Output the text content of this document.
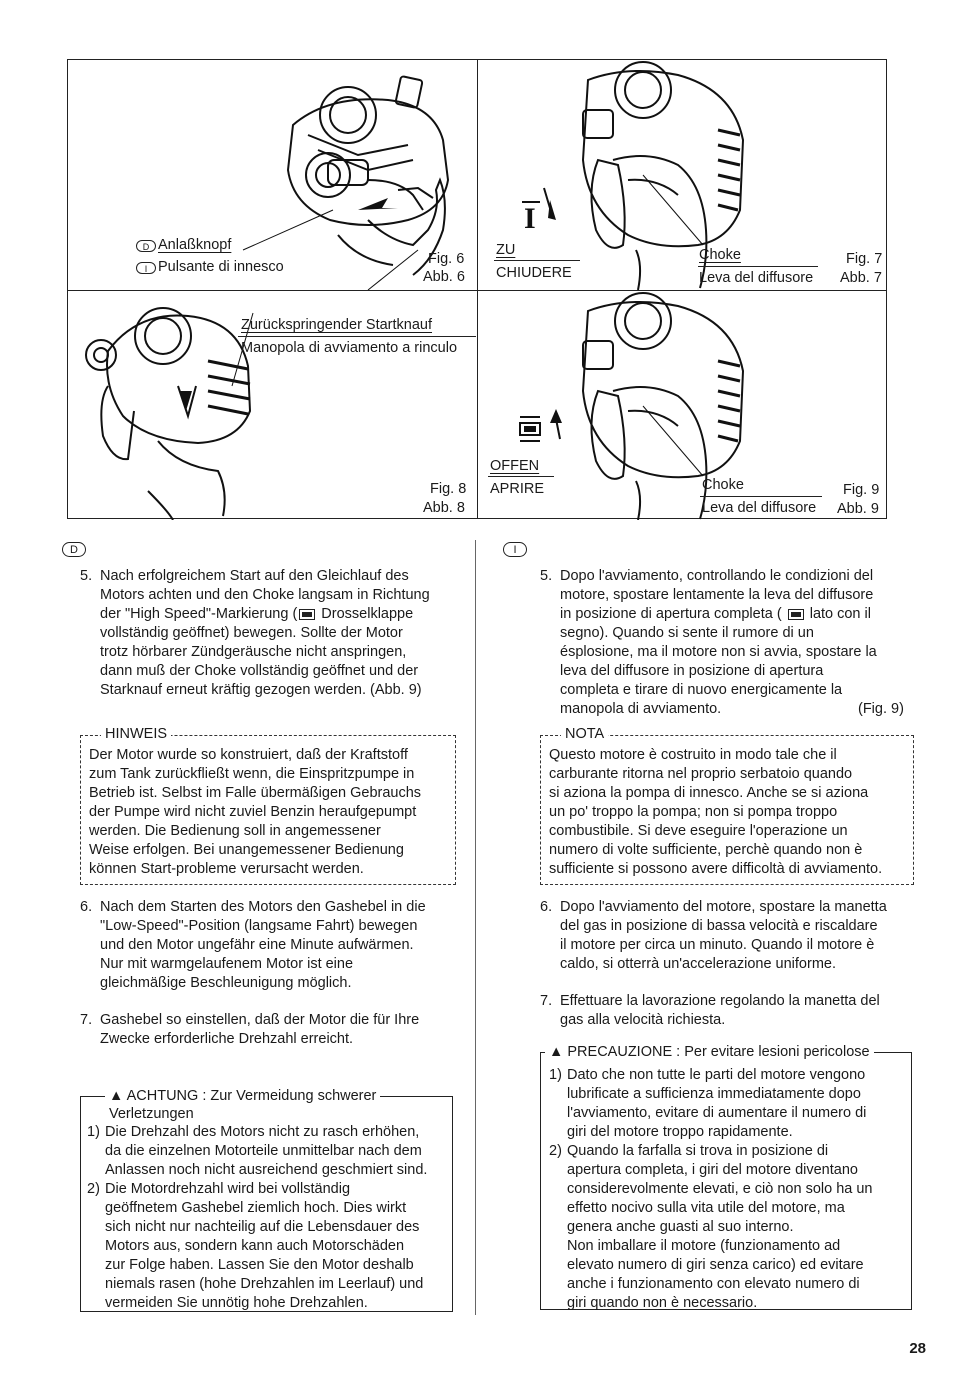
D Anlaßknopf
I Pulsante di innesco	Fig. 6
Abb. 6
I
ZU
CHIUDERE
Choke
Leva del diffusore
Fig. 7
Abb. 7
Zurückspringender Startknauf
Manopola di avviamento a rinculo
Fig. 8
Abb. 8
OFFEN
APRIRE	Choke
Leva del diffusore
Fig. 9
Abb. 9
D
5. Nach erfolgreichem Start auf den Gleichlauf des
Motors achten und den Choke langsam in Richtung
der "High Speed"-Markierung ( Drosselklappe
vollständig geöffnet) bewegen. Sollte der Motor
trotz hörbarer Zündgeräusche nicht anspringen,
dann muß der Choke vollständig geöffnet und der
Starknauf erneut kräftig gezogen werden. (Abb. 9)
HINWEIS
Der Motor wurde so konstruiert, daß der Kraftstoff
zum Tank zurückfließt wenn, die Einspritzpumpe in
Betrieb ist. Selbst im Falle übermäßigen Gebrauchs
der Pumpe wird nicht zuviel Benzin heraufgepumpt
werden. Die Bedienung soll in angemessener
Weise erfolgen. Bei unangemessener Bedienung
können Start-probleme verursacht werden.
6. Nach dem Starten des Motors den Gashebel in die
"Low-Speed"-Position (langsame Fahrt) bewegen
und den Motor ungefähr eine Minute aufwärmen.
Nur mit warmgelaufenem Motor ist eine
gleichmäßige Beschleunigung möglich.
7. Gashebel so einstellen, daß der Motor die für Ihre
Zwecke erforderliche Drehzahl erreicht.
▲ ACHTUNG : Zur Vermeidung schwerer
Verletzungen
1) Die Drehzahl des Motors nicht zu rasch erhöhen,
da die einzelnen Motorteile unmittelbar nach dem
Anlassen noch nicht ausreichend geschmiert sind.
2) Die Motordrehzahl wird bei vollständig
geöffnetem Gashebel ziemlich hoch. Dies wirkt
sich nicht nur nachteilig auf die Lebensdauer des
Motors aus, sondern kann auch Motorschäden
zur Folge haben. Lassen Sie den Motor deshalb
niemals rasen (hohe Drehzahlen im Leerlauf) und
vermeiden Sie unnötig hohe Drehzahlen.
I
5. Dopo l'avviamento, controllando le condizioni del
motore, spostare lentamente la leva del diffusore
in posizione di apertura completa (  lato con il
segno). Quando si sente il rumore di un
ésplosione, ma il motore non si avvia, spostare la
leva del diffusore in posizione di apertura
completa e tirare di nuovo energicamente la
manopola di avviamento.	(Fig. 9)
NOTA
Questo motore è costruito in modo tale che il
carburante ritorna nel proprio serbatoio quando
si aziona la pompa di innesco. Anche se si aziona
un po' troppo la pompa; non si pompa troppo
combustibile. Si deve eseguire l'operazione un
numero di volte sufficiente, perchè quando non è
sufficiente si possono avere difficoltà di avviamento.
6. Dopo l'avviamento del motore, spostare la manetta
del gas in posizione di bassa velocità e riscaldare
il motore per circa un minuto. Quando il motore è
caldo, si otterrà un'accelerazione uniforme.
7. Effettuare la lavorazione regolando la manetta del
gas alla velocità richiesta.
▲ PRECAUZIONE : Per evitare lesioni pericolose
1) Dato che non tutte le parti del motore vengono
lubrificate a sufficienza immediatamente dopo
l'avviamento, evitare di aumentare il numero di
giri del motore troppo rapidamente.
2) Quando la farfalla si trova in posizione di
apertura completa, i giri del motore diventano
considerevolmente elevati, e ciò non solo ha un
effetto nocivo sulla vita utile del motore, ma
genera anche guasti al suo interno.
Non imballare il motore (funzionamento ad
elevato numero di giri senza carico) ed evitare
anche i funzionamento con elevato numero di
giri quando non è necessario.
28
